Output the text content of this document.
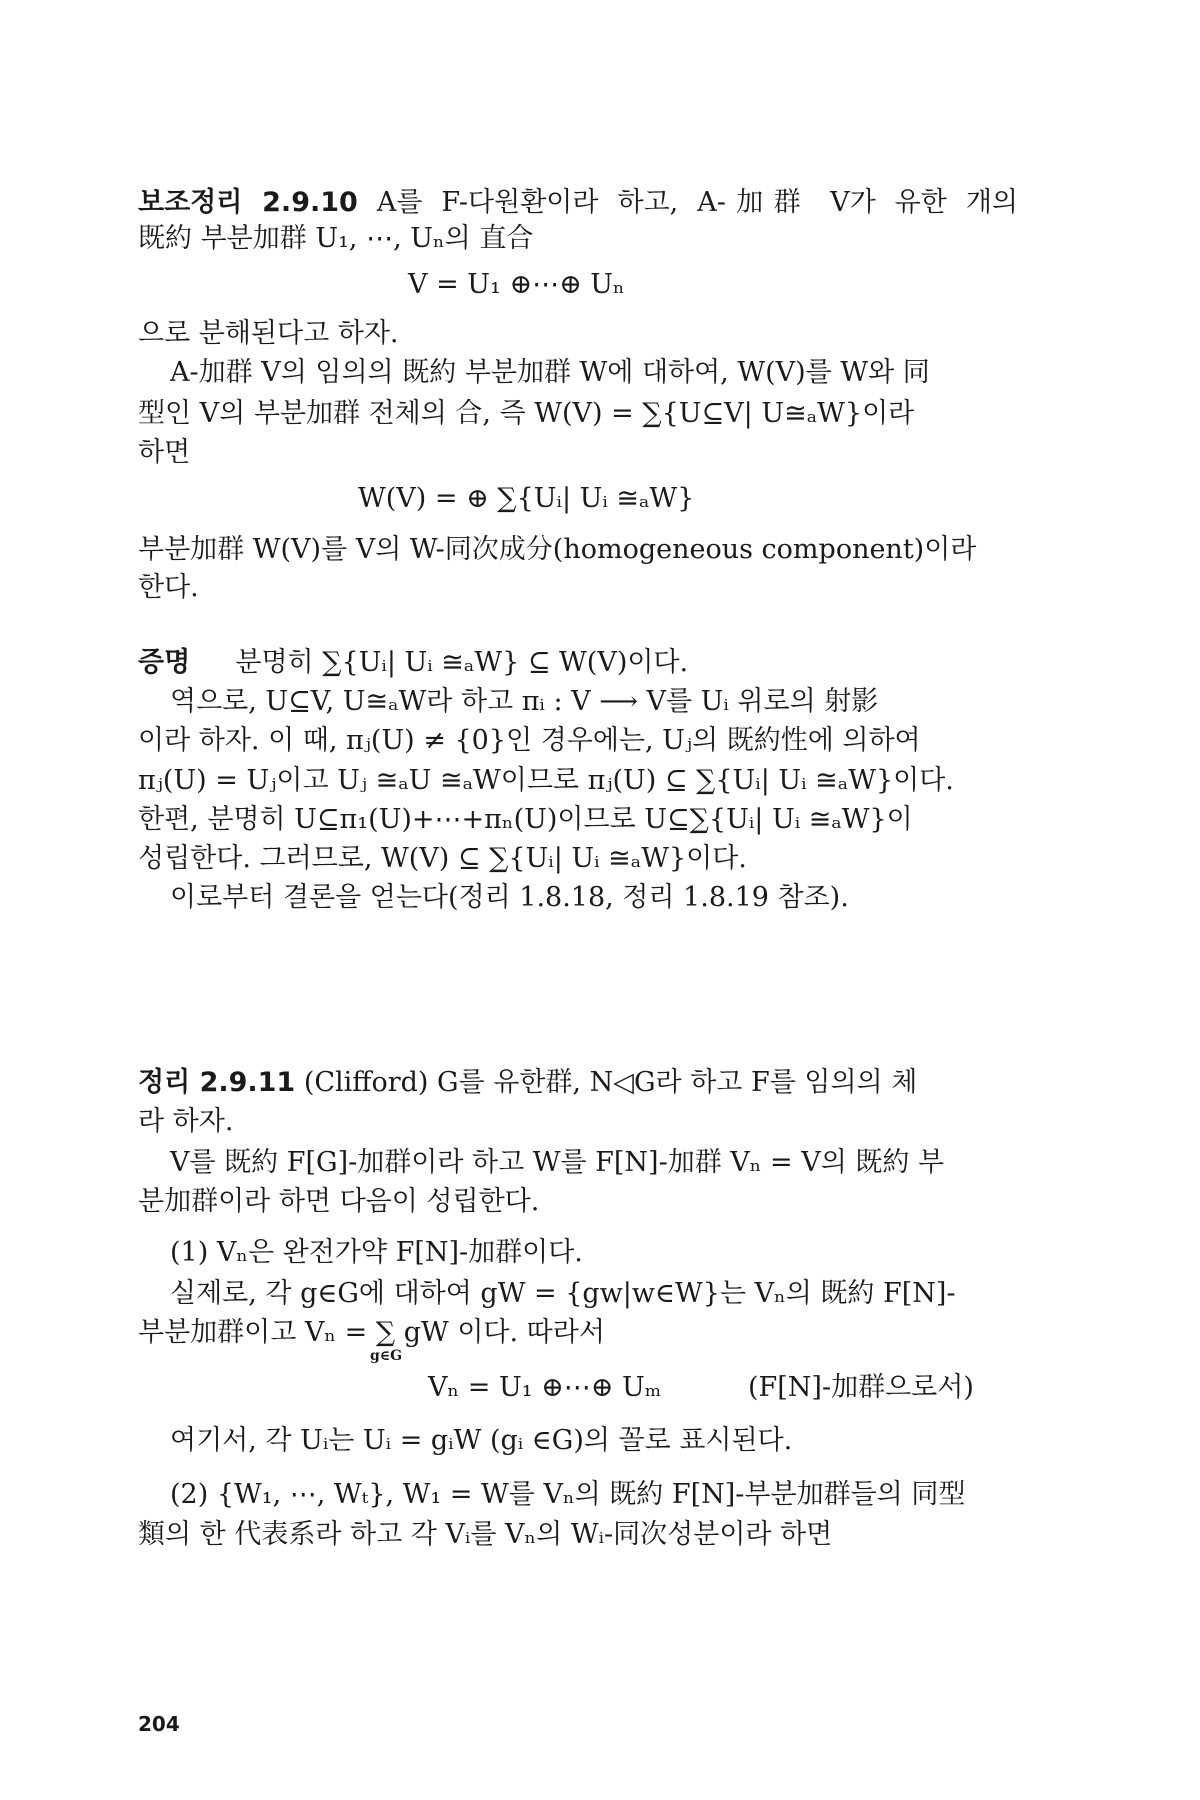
보조정리 2.9.10 A를 F-다원환이라 하고, A-加群 V가 유한 개의
既約 부분加群 U₁, ⋯, Uₙ의 直合
V = U₁ ⊕⋯⊕ Uₙ
으로 분해된다고 하자.
A-加群 V의 임의의 既約 부분加群 W에 대하여, W(V)를 W와 同
型인 V의 부분加群 전체의 合, 즉 W(V) = ∑{U⊆V| U≅ₐW}이라
하면
W(V) = ⊕ ∑{Uᵢ| Uᵢ ≅ₐW}
부분加群 W(V)를 V의 W-同次成分(homogeneous component)이라
한다.
증명 분명히 ∑{Uᵢ| Uᵢ ≅ₐW} ⊆ W(V)이다.
역으로, U⊆V, U≅ₐW라 하고 πᵢ : V ⟶ V를 Uᵢ 위로의 射影
이라 하자. 이 때, πⱼ(U) ≠ {0}인 경우에는, Uⱼ의 既約性에 의하여
πⱼ(U) = Uⱼ이고 Uⱼ ≅ₐU ≅ₐW이므로 πⱼ(U) ⊆ ∑{Uᵢ| Uᵢ ≅ₐW}이다.
한편, 분명히 U⊆π₁(U)+⋯+πₙ(U)이므로 U⊆∑{Uᵢ| Uᵢ ≅ₐW}이
성립한다. 그러므로, W(V) ⊆ ∑{Uᵢ| Uᵢ ≅ₐW}이다.
이로부터 결론을 얻는다(정리 1.8.18, 정리 1.8.19 참조).
정리 2.9.11 (Clifford) G를 유한群, N◁G라 하고 F를 임의의 체
라 하자.
V를 既約 F[G]-加群이라 하고 W를 F[N]-加群 Vₙ = V의 既約 부
분加群이라 하면 다음이 성립한다.
(1) Vₙ은 완전가약 F[N]-加群이다.
실제로, 각 g∈G에 대하여 gW = {gw|w∈W}는 Vₙ의 既約 F[N]-
부분加群이고 Vₙ = ∑ gW 이다. 따라서
g∈G
Vₙ = U₁ ⊕⋯⊕ Uₘ	(F[N]-加群으로서)
여기서, 각 Uᵢ는 Uᵢ = gᵢW (gᵢ ∈G)의 꼴로 표시된다.
(2) {W₁, ⋯, Wₜ}, W₁ = W를 Vₙ의 既約 F[N]-부분加群들의 同型
類의 한 代表系라 하고 각 Vᵢ를 Vₙ의 Wᵢ-同次성분이라 하면
204
